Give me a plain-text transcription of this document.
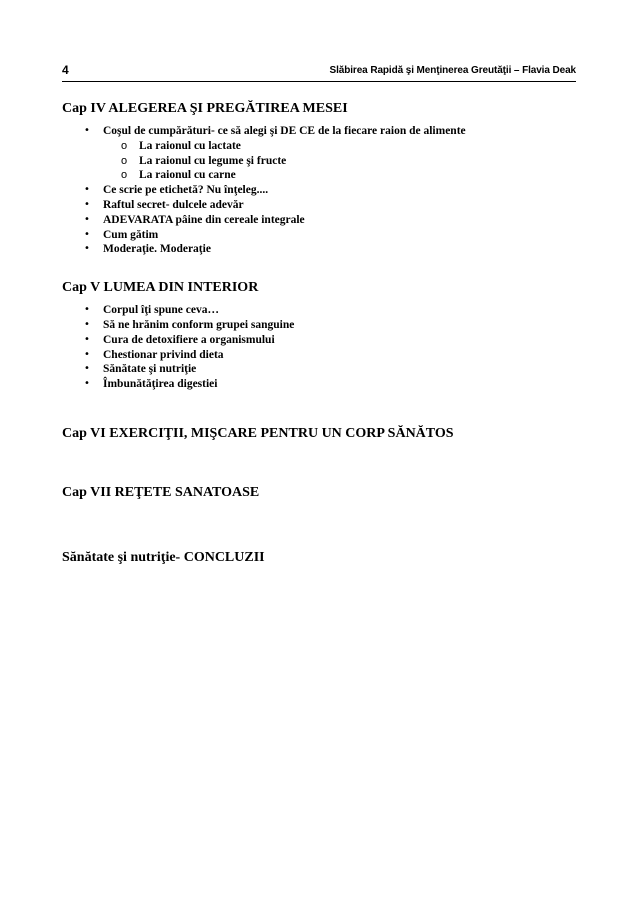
4	Slăbirea Rapidă şi Menţinerea Greutăţii – Flavia Deak
Cap IV ALEGEREA ŞI PREGĂTIREA MESEI
• Coşul de cumpărături- ce să alegi şi DE CE de la fiecare raion de alimente
o La raionul cu lactate
o La raionul cu legume şi fructe
o La raionul cu carne
• Ce scrie pe etichetă? Nu înţeleg....
• Raftul secret- dulcele adevăr
• ADEVARATA pâine din cereale integrale
• Cum gătim
• Moderaţie. Moderaţie
Cap V LUMEA DIN INTERIOR
• Corpul îţi spune ceva…
• Să ne hrănim conform grupei sanguine
• Cura de detoxifiere a organismului
• Chestionar privind dieta
• Sănătate şi nutriţie
• Îmbunătăţirea digestiei
Cap VI EXERCIŢII, MIŞCARE PENTRU UN CORP SĂNĂTOS
Cap VII REŢETE SANATOASE
Sănătate şi nutriţie- CONCLUZII
